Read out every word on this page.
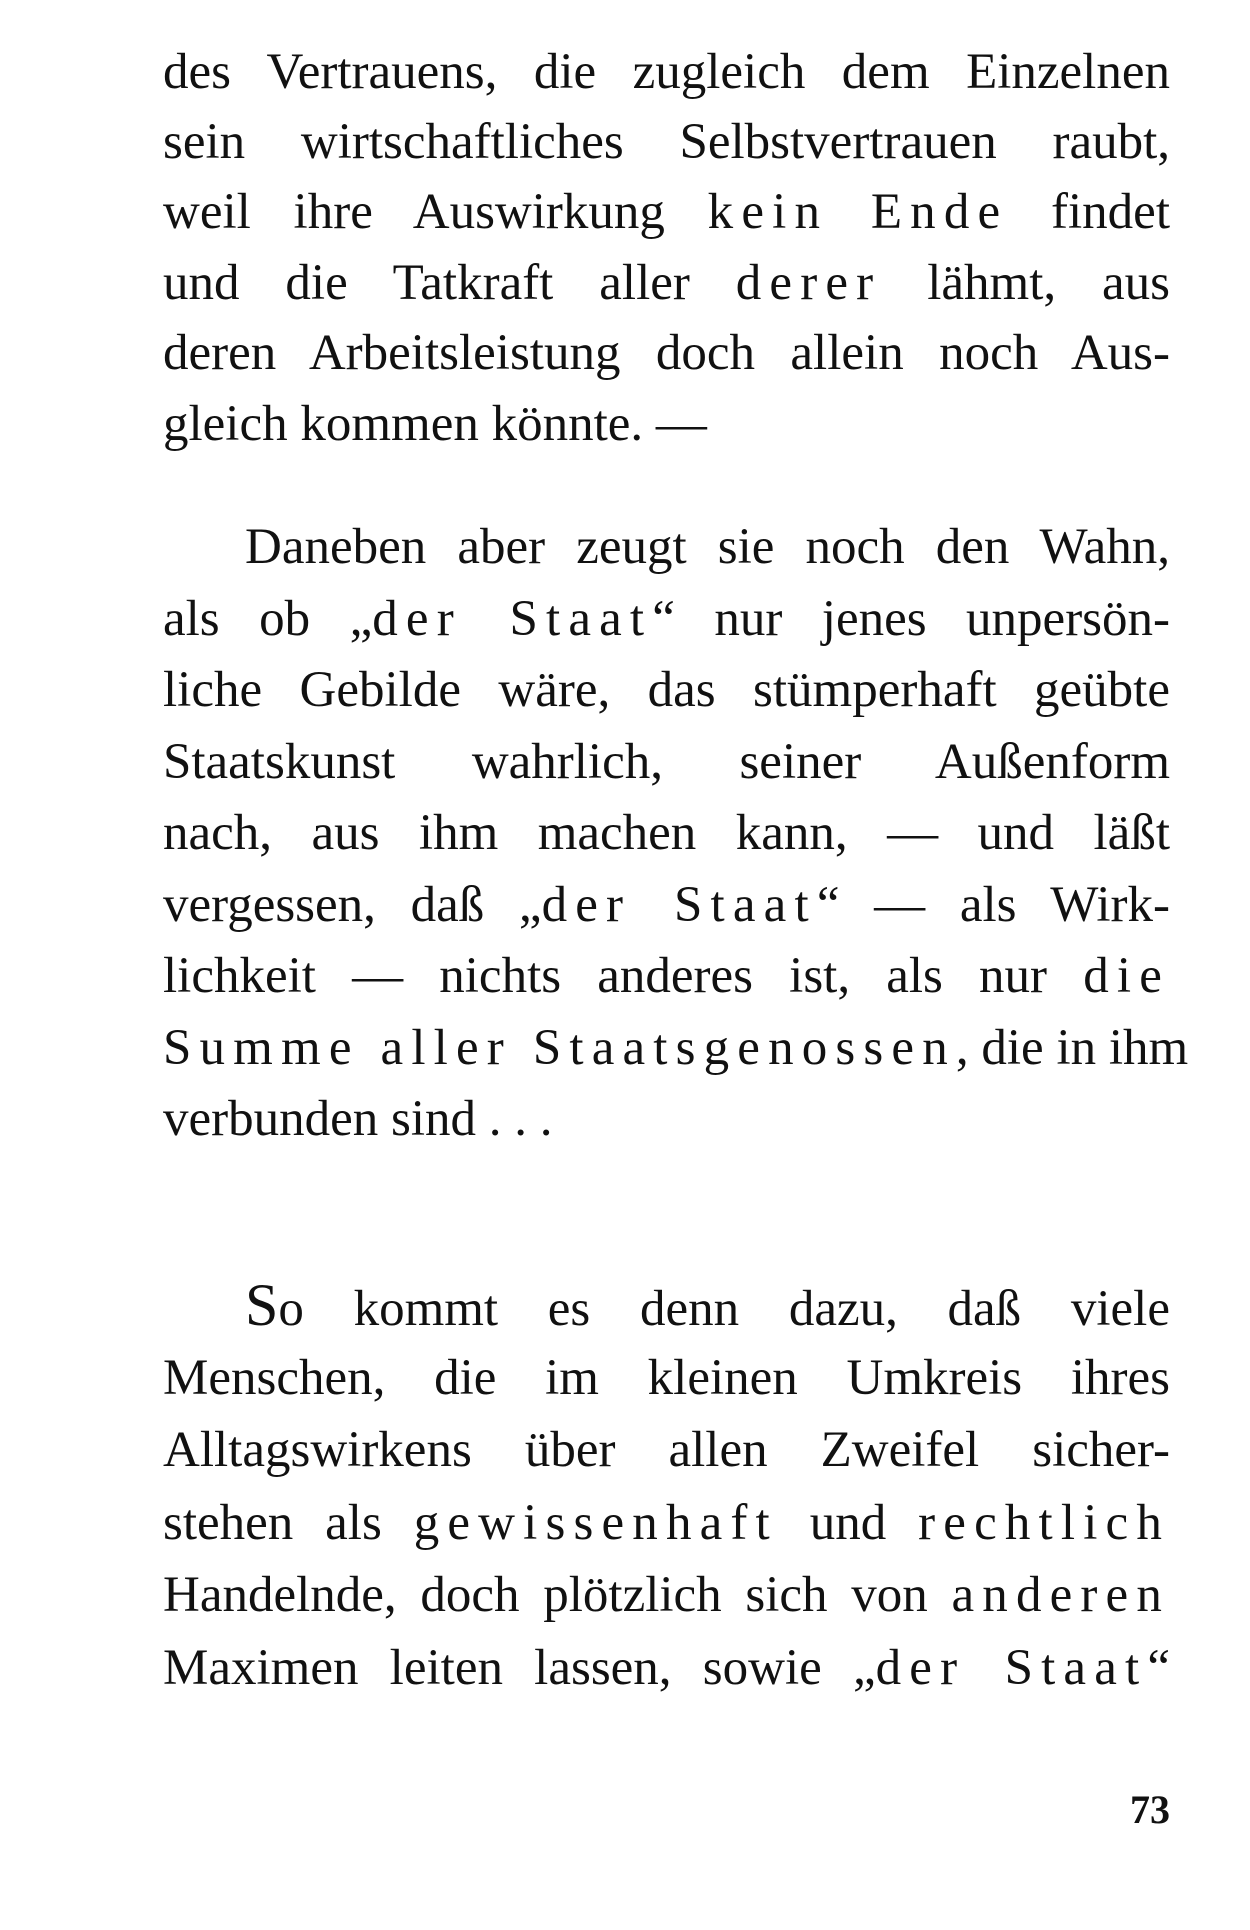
des Vertrauens, die zugleich dem Einzelnen
sein wirtschaftliches Selbstvertrauen raubt,
weil ihre Auswirkung kein Ende findet
und die Tatkraft aller derer lähmt, aus
deren Arbeitsleistung doch allein noch Aus-
gleich kommen könnte. —
Daneben aber zeugt sie noch den Wahn,
als ob „der Staat“ nur jenes unpersön-
liche Gebilde wäre, das stümperhaft geübte
Staatskunst wahrlich, seiner Außenform
nach, aus ihm machen kann, — und läßt
vergessen, daß „der Staat“ — als Wirk-
lichkeit — nichts anderes ist, als nur die
Summe aller Staatsgenossen, die in ihm
verbunden sind . . .
So kommt es denn dazu, daß viele
Menschen, die im kleinen Umkreis ihres
Alltagswirkens über allen Zweifel sicher-
stehen als gewissenhaft und rechtlich
Handelnde, doch plötzlich sich von anderen
Maximen leiten lassen, sowie „der Staat“
73
